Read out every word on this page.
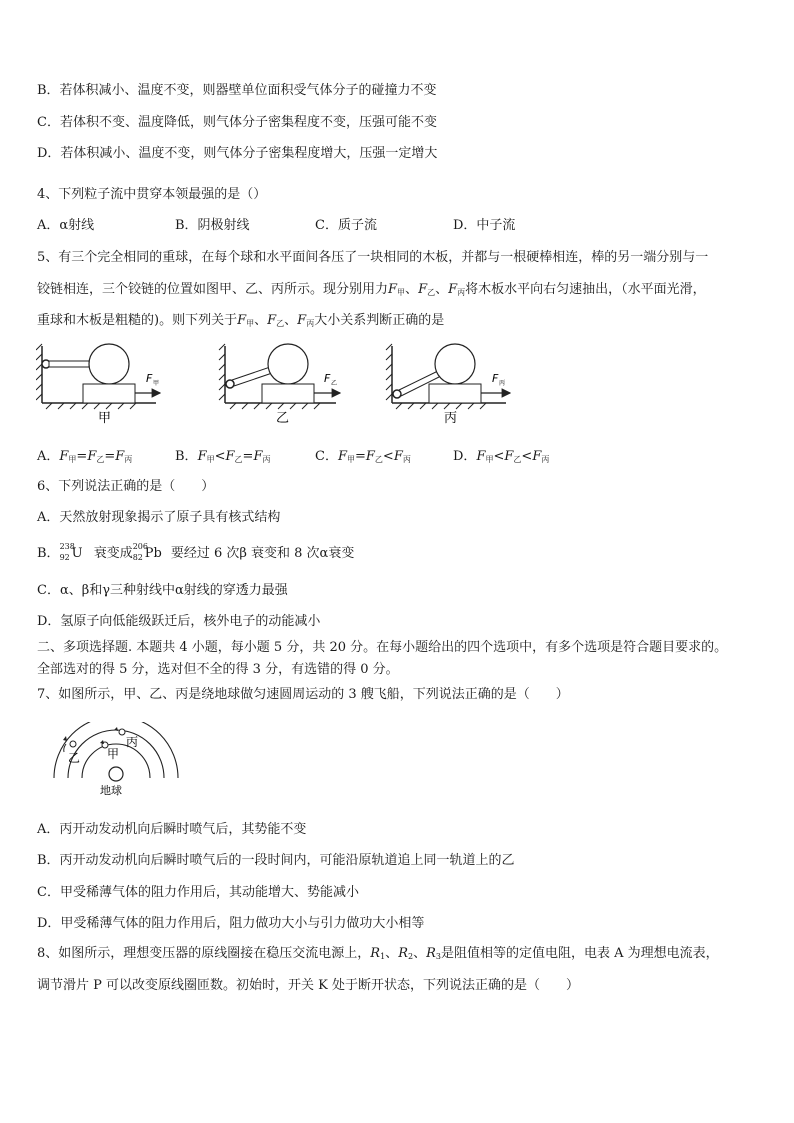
B．若体积减小、温度不变，则器壁单位面积受气体分子的碰撞力不变
C．若体积不变、温度降低，则气体分子密集程度不变，压强可能不变
D．若体积减小、温度不变，则气体分子密集程度增大，压强一定增大
4、下列粒子流中贯穿本领最强的是（）
A．α射线	B．阴极射线	C．质子流	D．中子流
5、有三个完全相同的重球，在每个球和水平面间各压了一块相同的木板，并都与一根硬棒相连，棒的另一端分别与一
铰链相连，三个铰链的位置如图甲、乙、丙所示。现分别用力$F_甲$、$F_乙$、$F_丙$将木板水平向右匀速抽出，（水平面光滑，
重球和木板是粗糙的)。则下列关于$F_甲$、$F_乙$、$F_丙$大小关系判断正确的是
F 甲
甲
F 乙
乙
F 丙
丙
A．$F_甲=F_乙=F_丙$	B．$F_甲<F_乙=F_丙$	C．$F_甲=F_乙<F_丙$	D．$F_甲<F_乙<F_丙$
6、下列说法正确的是（　　）
A．天然放射现象揭示了原子具有核式结构
B． 238
92 U 衰变成 206
82 Pb 要经过 6 次β 衰变和 8 次α衰变
C．α、β和γ三种射线中α射线的穿透力最强
D．氢原子向低能级跃迁后，核外电子的动能减小
二、多项选择题. 本题共 4 小题，每小题 5 分，共 20 分。在每小题给出的四个选项中，有多个选项是符合题目要求的。
全部选对的得 5 分，选对但不全的得 3 分，有选错的得 0 分。
7、如图所示，甲、乙、丙是绕地球做匀速圆周运动的 3 艘飞船，下列说法正确的是（　　）
乙 甲
丙
地球
A．丙开动发动机向后瞬时喷气后，其势能不变
B．丙开动发动机向后瞬时喷气后的一段时间内，可能沿原轨道追上同一轨道上的乙
C．甲受稀薄气体的阻力作用后，其动能增大、势能减小
D．甲受稀薄气体的阻力作用后，阻力做功大小与引力做功大小相等
8、如图所示，理想变压器的原线圈接在稳压交流电源上，$R_1$、$R_2$、$R_3$是阻值相等的定值电阻，电表 A 为理想电流表，
调节滑片 P 可以改变原线圈匝数。初始时，开关 K 处于断开状态，下列说法正确的是（　　）
